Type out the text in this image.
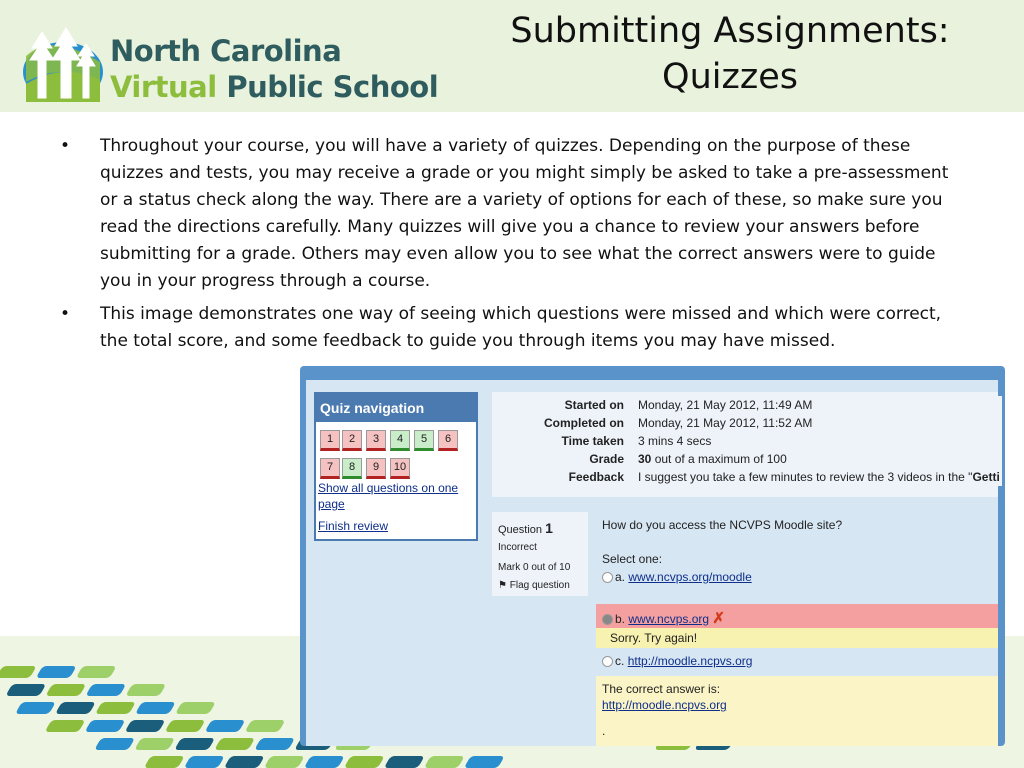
North Carolina
Virtual Public School
Submitting Assignments:
Quizzes
• Throughout your course, you will have a variety of quizzes. Depending on the purpose of these quizzes and tests, you may receive a grade or you might simply be asked to take a pre-assessment or a status check along the way. There are a variety of options for each of these, so make sure you read the directions carefully. Many quizzes will give you a chance to review your answers before submitting for a grade. Others may even allow you to see what the correct answers were to guide you in your progress through a course.
• This image demonstrates one way of seeing which questions were missed and which were correct, the total score, and some feedback to guide you through items you may have missed.
Quiz navigation
1	2	3	4	5	6
7	8	9	10
Show all questions on one page
Finish review
Started on	Monday, 21 May 2012, 11:49 AM
Completed on	Monday, 21 May 2012, 11:52 AM
Time taken	3 mins 4 secs
Grade	30 out of a maximum of 100
Feedback	I suggest you take a few minutes to review the 3 videos in the "Getti
Question 1
Incorrect
Mark 0 out of 10
⚑ Flag question
How do you access the NCVPS Moodle site?
Select one:
a. www.ncvps.org/moodle
b. www.ncvps.org ✗
Sorry. Try again!
c. http://moodle.ncpvs.org
The correct answer is:
http://moodle.ncpvs.org
.
